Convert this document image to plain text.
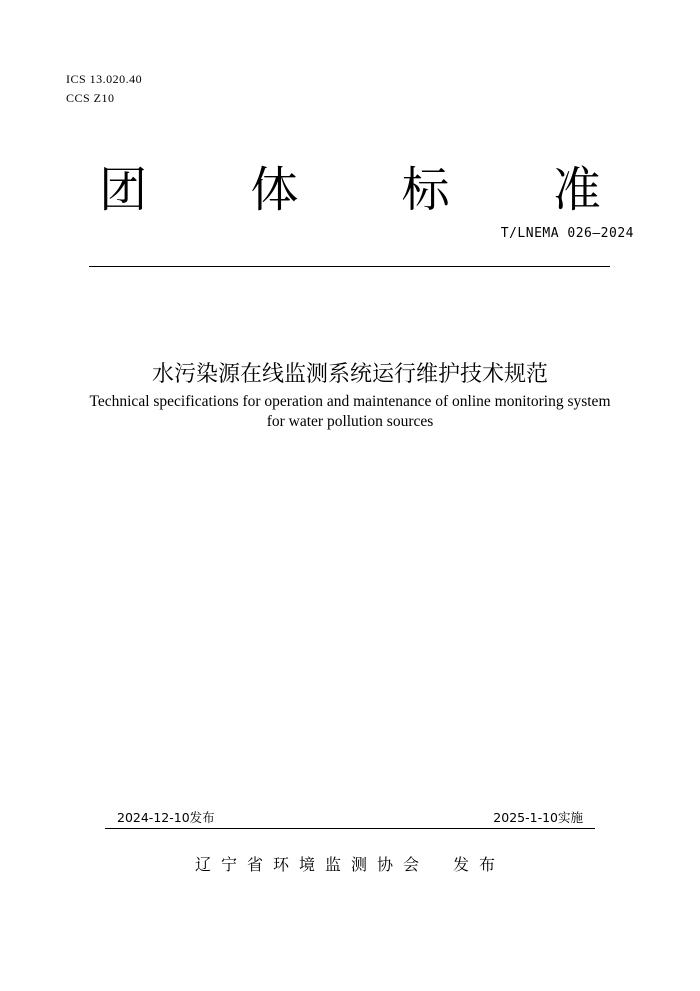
ICS 13.020.40
CCS Z10
团 体 标 准
T/LNEMA 026—2024
水污染源在线监测系统运行维护技术规范
Technical specifications for operation and maintenance of online monitoring system
for water pollution sources
2024-12-10发布	2025-1-10实施
辽宁省环境监测协会 发布
